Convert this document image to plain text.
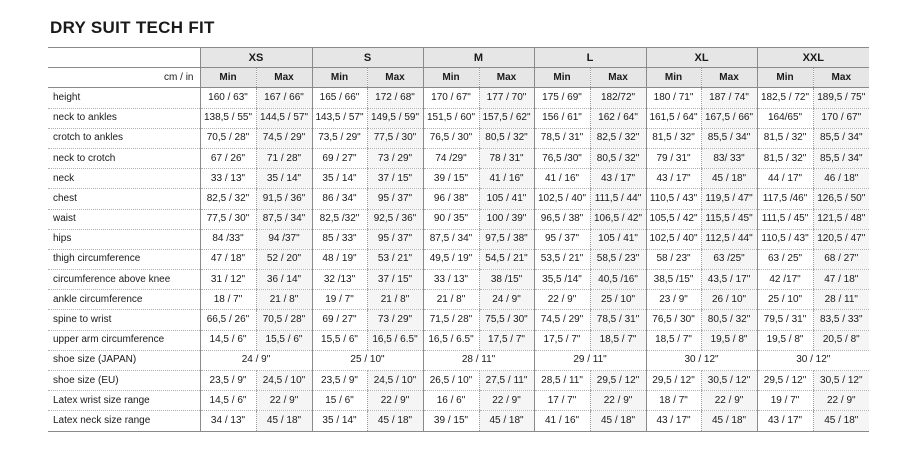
DRY SUIT TECH FIT
	XS		S		M		L		XL		XXL	
cm / in	Min	Max	Min	Max	Min	Max	Min	Max	Min	Max	Min	Max
height	160 / 63"	167 / 66"	165 / 66"	172 / 68"	170 / 67"	177 / 70"	175 / 69"	182/72"	180 / 71"	187 / 74"	182,5 / 72"	189,5 / 75"
neck to ankles	138,5 / 55"	144,5 / 57"	143,5 / 57"	149,5 / 59"	151,5 / 60"	157,5 / 62"	156 / 61"	162 / 64"	161,5 / 64"	167,5 / 66"	164/65"	170 / 67"
crotch to ankles	70,5 / 28"	74,5 / 29"	73,5 / 29"	77,5 / 30"	76,5 / 30"	80,5 / 32"	78,5 / 31"	82,5 / 32"	81,5 / 32"	85,5 / 34"	81,5 / 32"	85,5 / 34"
neck to crotch	67 / 26"	71 / 28"	69 / 27"	73 / 29"	74 /29"	78 / 31"	76,5 /30"	80,5 / 32"	79 / 31"	83/ 33"	81,5 / 32"	85,5 / 34"
neck	33 / 13"	35 / 14"	35 / 14"	37 / 15"	39 / 15"	41 / 16"	41 / 16"	43 / 17"	43 / 17"	45 / 18"	44 / 17"	46 / 18"
chest	82,5 / 32"	91,5 / 36"	86 / 34"	95 / 37"	96 / 38"	105 / 41"	102,5 / 40"	111,5 / 44"	110,5 / 43"	119,5 / 47"	117,5 /46"	126,5 / 50"
waist	77,5 / 30"	87,5 / 34"	82,5 /32"	92,5 / 36"	90 / 35"	100 / 39"	96,5 / 38"	106,5 / 42"	105,5 / 42"	115,5 / 45"	111,5 / 45"	121,5 / 48"
hips	84 /33"	94 /37"	85 / 33"	95 / 37"	87,5 / 34"	97,5 / 38"	95 / 37"	105 / 41"	102,5 / 40"	112,5 / 44"	110,5 / 43"	120,5 / 47"
thigh circumference	47 / 18"	52 / 20"	48 / 19"	53 / 21"	49,5 / 19"	54,5 / 21"	53,5 / 21"	58,5 / 23"	58 / 23"	63 /25"	63 / 25"	68 / 27"
circumference above knee	31 / 12"	36 / 14"	32 /13"	37 / 15"	33 / 13"	38 /15"	35,5 /14"	40,5 /16"	38,5 /15"	43,5 / 17"	42 /17"	47 / 18"
ankle circumference	18 / 7"	21 / 8"	19 / 7"	21 / 8"	21 / 8"	24 / 9"	22 / 9"	25 / 10"	23 / 9"	26 / 10"	25 / 10"	28 / 11"
spine to wrist	66,5 / 26"	70,5 / 28"	69 / 27"	73 / 29"	71,5 / 28"	75,5 / 30"	74,5 / 29"	78,5 / 31"	76,5 / 30"	80,5 / 32"	79,5 / 31"	83,5 / 33"
upper arm circumference	14,5 / 6"	15,5 / 6"	15,5 / 6"	16,5 / 6.5"	16,5 / 6.5"	17,5 / 7"	17,5 / 7"	18,5 / 7"	18,5 / 7"	19,5 / 8"	19,5 / 8"	20,5 / 8"
shoe size (JAPAN)	24 / 9"		25 / 10"		28 / 11"		29 / 11"		30 / 12"		30 / 12"	
shoe size (EU)	23,5 / 9"	24,5 / 10"	23,5 / 9"	24,5 / 10"	26,5 / 10"	27,5 / 11"	28,5 / 11"	29,5 / 12"	29,5 / 12"	30,5 / 12"	29,5 / 12"	30,5 / 12"
Latex wrist size range	14,5 / 6"	22 / 9"	15 / 6"	22 / 9"	16 / 6"	22 / 9"	17 / 7"	22 / 9"	18 / 7"	22 / 9"	19 / 7"	22 / 9"
Latex neck size range	34 / 13"	45 / 18"	35 / 14"	45 / 18"	39 / 15"	45 / 18"	41 / 16"	45 / 18"	43 / 17"	45 / 18"	43 / 17"	45 / 18"
